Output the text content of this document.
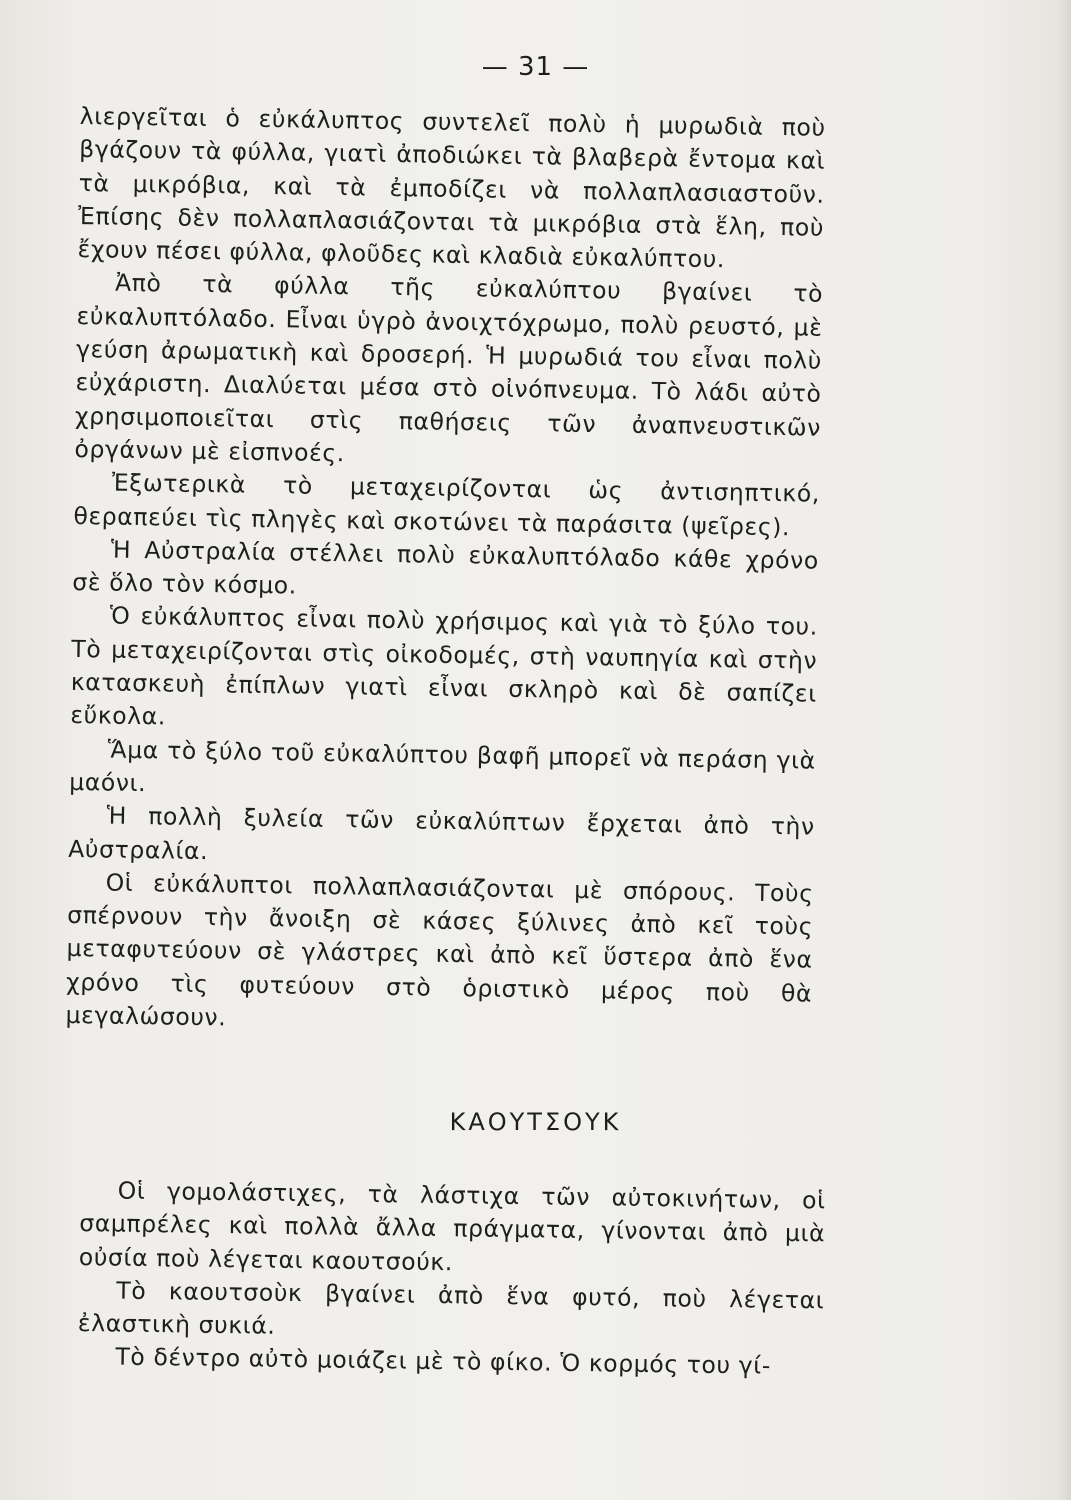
— 31 —

λιεργεῖται ὁ εὐκάλυπτος συντελεῖ πολὺ ἡ μυρωδιὰ ποὺ βγάζουν τὰ φύλλα, γιατὶ ἀποδιώκει τὰ βλαβερὰ ἔντομα καὶ τὰ μικρόβια, καὶ τὰ ἐμποδίζει νὰ πολλαπλασιαστοῦν. Ἐπίσης δὲν πολλαπλασιάζονται τὰ μικρόβια στὰ ἕλη, ποὺ ἔχουν πέσει φύλλα, φλοῦδες καὶ κλαδιὰ εὐκαλύπτου.

Ἀπὸ τὰ φύλλα τῆς εὐκαλύπτου βγαίνει τὸ εὐκαλυπτόλαδο. Εἶναι ὑγρὸ ἀνοιχτόχρωμο, πολὺ ρευστό, μὲ γεύση ἀρωματικὴ καὶ δροσερή. Ἡ μυρωδιά του εἶναι πολὺ εὐχάριστη. Διαλύεται μέσα στὸ οἰνόπνευμα. Τὸ λάδι αὐτὸ χρησιμοποιεῖται στὶς παθήσεις τῶν ἀναπνευστικῶν ὀργάνων μὲ εἰσπνοές.

Ἐξωτερικὰ τὸ μεταχειρίζονται ὡς ἀντισηπτικό, θεραπεύει τὶς πληγὲς καὶ σκοτώνει τὰ παράσιτα (ψεῖρες).

Ἡ Αὐστραλία στέλλει πολὺ εὐκαλυπτόλαδο κάθε χρόνο σὲ ὅλο τὸν κόσμο.

Ὁ εὐκάλυπτος εἶναι πολὺ χρήσιμος καὶ γιὰ τὸ ξύλο του. Τὸ μεταχειρίζονται στὶς οἰκοδομές, στὴ ναυπηγία καὶ στὴν κατασκευὴ ἐπίπλων γιατὶ εἶναι σκληρὸ καὶ δὲ σαπίζει εὔκολα.

Ἅμα τὸ ξύλο τοῦ εὐκαλύπτου βαφῆ μπορεῖ νὰ περάση γιὰ μαόνι.

Ἡ πολλὴ ξυλεία τῶν εὐκαλύπτων ἔρχεται ἀπὸ τὴν Αὐστραλία.

Οἱ εὐκάλυπτοι πολλαπλασιάζονται μὲ σπόρους. Τοὺς σπέρνουν τὴν ἄνοιξη σὲ κάσες ξύλινες ἀπὸ κεῖ τοὺς μεταφυτεύουν σὲ γλάστρες καὶ ἀπὸ κεῖ ὕστερα ἀπὸ ἕνα χρόνο τὶς φυτεύουν στὸ ὁριστικὸ μέρος ποὺ θὰ μεγαλώσουν.

ΚΑΟΥΤΣΟΥΚ

Οἱ γομολάστιχες, τὰ λάστιχα τῶν αὐτοκινήτων, οἱ σαμπρέλες καὶ πολλὰ ἄλλα πράγματα, γίνονται ἀπὸ μιὰ οὐσία ποὺ λέγεται καουτσούκ.

Τὸ καουτσοὺκ βγαίνει ἀπὸ ἕνα φυτό, ποὺ λέγεται ἐλαστικὴ συκιά.

Τὸ δέντρο αὐτὸ μοιάζει μὲ τὸ φίκο. Ὁ κορμός του γί-
